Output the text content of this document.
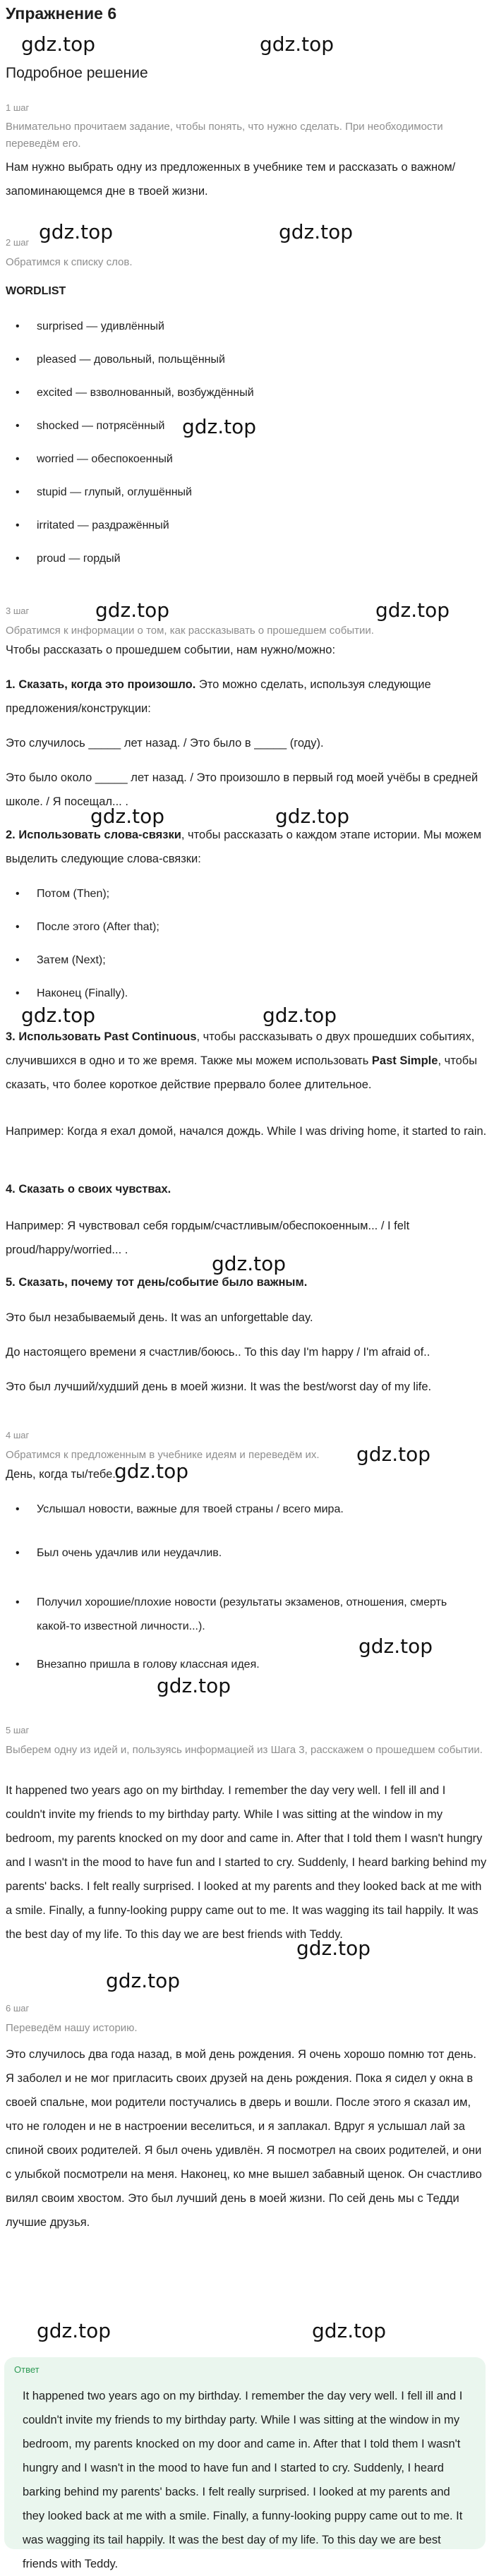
Упражнение 6
gdz.top	gdz.top
Подробное решение
1 шаг
Внимательно прочитаем задание, чтобы понять, что нужно сделать. При необходимости переведём его.
Нам нужно выбрать одну из предложенных в учебнике тем и рассказать о важном/запоминающемся дне в твоей жизни.
2 шаг gdz.top	gdz.top
Обратимся к списку слов.
WORDLIST
• surprised — удивлённый
• pleased — довольный, польщённый
• excited — взволнованный, возбуждённый
• shocked — потрясённый gdz.top
• worried — обеспокоенный
• stupid — глупый, оглушённый
• irritated — раздражённый
• proud — гордый
3 шаг	gdz.top	gdz.top
Обратимся к информации о том, как рассказывать о прошедшем событии.
Чтобы рассказать о прошедшем событии, нам нужно/можно:
1. Сказать, когда это произошло. Это можно сделать, используя следующие предложения/конструкции:
Это случилось _____ лет назад. / Это было в _____ (году).
Это было около _____ лет назад. / Это произошло в первый год моей учёбы в средней школе. / Я посещал... .
gdz.top	gdz.top
2. Использовать слова-связки, чтобы рассказать о каждом этапе истории. Мы можем выделить следующие слова-связки:
• Потом (Then);
• После этого (After that);
• Затем (Next);
• Наконец (Finally).
gdz.top	gdz.top
3. Использовать Past Continuous, чтобы рассказывать о двух прошедших событиях, случившихся в одно и то же время. Также мы можем использовать Past Simple, чтобы сказать, что более короткое действие прервало более длительное.
Например: Когда я ехал домой, начался дождь. While I was driving home, it started to rain.
4. Сказать о своих чувствах.
Например: Я чувствовал себя гордым/счастливым/обеспокоенным... / I felt proud/happy/worried... .
gdz.top
5. Сказать, почему тот день/событие было важным.
Это был незабываемый день. It was an unforgettable day.
До настоящего времени я счастлив/боюсь.. To this day I'm happy / I'm afraid of..
Это был лучший/худший день в моей жизни. It was the best/worst day of my life.
4 шаг
gdz.top
Обратимся к предложенным в учебнике идеям и переведём их.
gdz.top
День, когда ты/тебе...
• Услышал новости, важные для твоей страны / всего мира.
• Был очень удачлив или неудачлив.
• Получил хорошие/плохие новости (результаты экзаменов, отношения, смерть какой-то известной личности...).
gdz.top
• Внезапно пришла в голову классная идея.
gdz.top
5 шаг
Выберем одну из идей и, пользуясь информацией из Шага 3, расскажем о прошедшем событии.
It happened two years ago on my birthday. I remember the day very well. I fell ill and I couldn't invite my friends to my birthday party. While I was sitting at the window in my bedroom, my parents knocked on my door and came in. After that I told them I wasn't hungry and I wasn't in the mood to have fun and I started to cry. Suddenly, I heard barking behind my parents' backs. I felt really surprised. I looked at my parents and they looked back at me with a smile. Finally, a funny-looking puppy came out to me. It was wagging its tail happily. It was the best day of my life. To this day we are best friends with Teddy.
gdz.top
gdz.top
6 шаг
Переведём нашу историю.
Это случилось два года назад, в мой день рождения. Я очень хорошо помню тот день. Я заболел и не мог пригласить своих друзей на день рождения. Пока я сидел у окна в своей спальне, мои родители постучались в дверь и вошли. После этого я сказал им, что не голоден и не в настроении веселиться, и я заплакал. Вдруг я услышал лай за спиной своих родителей. Я был очень удивлён. Я посмотрел на своих родителей, и они с улыбкой посмотрели на меня. Наконец, ко мне вышел забавный щенок. Он счастливо вилял своим хвостом. Это был лучший день в моей жизни. По сей день мы с Тедди лучшие друзья.
gdz.top	gdz.top
Ответ
It happened two years ago on my birthday. I remember the day very well. I fell ill and I couldn't invite my friends to my birthday party. While I was sitting at the window in my bedroom, my parents knocked on my door and came in. After that I told them I wasn't hungry and I wasn't in the mood to have fun and I started to cry. Suddenly, I heard barking behind my parents' backs. I felt really surprised. I looked at my parents and they looked back at me with a smile. Finally, a funny-looking puppy came out to me. It was wagging its tail happily. It was the best day of my life. To this day we are best friends with Teddy.
